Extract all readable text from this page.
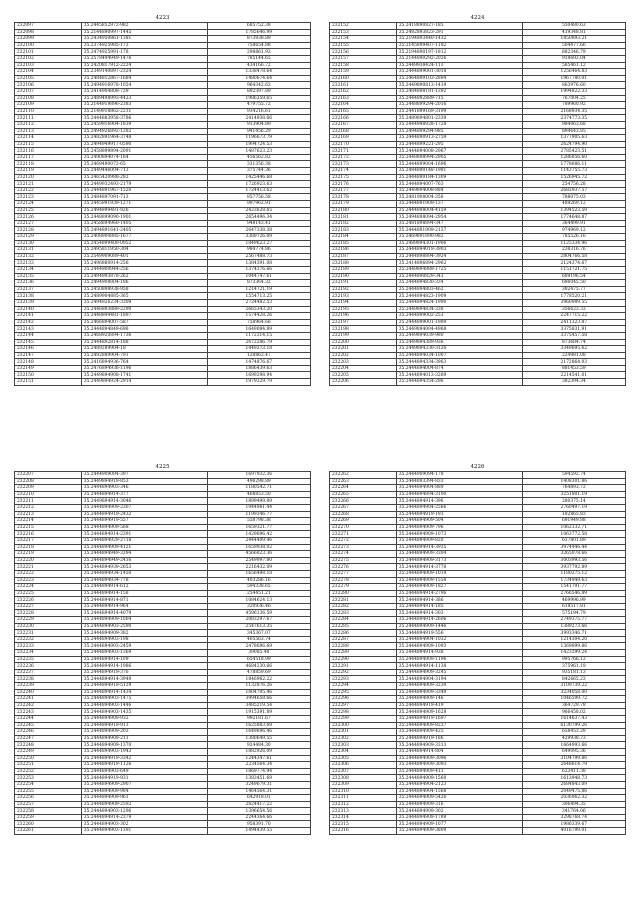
4223
232097	35.2445852972-982	685752.38
232098	35.2144890997-1445	1785646.99
232099	35.2434950861-1381	873938.89
232100	35.2374925985-173	758654.88
232101	35.2474925991-178	298861.93
232102	35.2578494949-1476	785144.65
232103	35.2420817912-2224	434166.72
232104	35.2349140897-2324	1338478.64
232105	35.2484812867-1684	1480674.64
232106	35.2494916978-1054	964342.63
232107	35.2414904808-729	892397.89
232108	35.2489498993-4423	1986359.65
232109	35.2144919896-2383	479755.72
232110	35.2149918862-2231	934216.61
232111	35.2444883958-3786	2414938.66
232112	35.2459916904-1839	913904.89
232113	35.2494926892-1282	941456.29
232114	35.2482891964-3748	1196673.79
232115	35.2494949917-0590	1994724.53
232116	35.2458899894-2091	1487623.23
232117	35.2490894074-164	456562.82
232118	35.2469490072-65	331356.38
232119	35.2449446004-713	375744.36
232120	35.2465420988-282	1425446.68
232121	35.2449932493-2179	1726923.63
232122	35.2444891967-1520	1724413.62
232123	35.2484897091-713	857756.58
232124	35.2445991939-1271	997962.91
232125	35.2494899481-926	2423628.65
232126	35.2448899090-1901	2654496.34
232127	35.2458894960-1405	948143.41
232128	35.2494891641-2405	2647338.38
232129	35.2408900885-1677	3389726.09
232130	35.2454899400-0952	1849623.27
232131	35.2495811950-304	984774.86
232132	35.2549909089-401	2567488.73
232133	35.2496880914-256	1384391.08
232134	35.2444900944-256	1374376.66
232135	35.2494993878-262	1044747.61
232136	35.2494908804-186	873364.32
232137	35.2450898938-958	1214721.19
232138	35.2489904885-365	1554713.25
232139	35.2494926234-3309	2724482.53
232140	35.2446893889-2290	2665343.20
232141	35.2448894481-1897	1574428.26
232142	35.2466894007-587	758964.66
232143	35.2444894849-698	1649084.89
232144	35.2468920894-1736	1172314.15
232145	35.2444892814-188	2672286.79
232146	35.2489289904-18	1449273.18
232147	35.2492889904-791	128863.47
232148	35.2416894936-764	1474876.67
232149	35.2476894938-1196	1886439.63
232150	35.2449894908-1741	1699298.94
232151	35.2449894924-2914	1979329.79
4224
232152	35.2418890827-185	550480.63
232153	35.2482893823-291	419348.81
232154	35.2194893440-1432	1850893.21
232155	35.2145899407-1182	504477.66
232156	35.2194890197-1812	882346.79
232157	35.2144890292-2026	918693.04
232158	35.2449938424-113	585461.12
232159	35.2444899001-3018	1256464.83
232160	35.2464899103-2894	1967780.01
232161	35.2449890813-1419	863976.60
232162	35.2484898191-1392	1994822.33
232163	35.2444892889-715	767004.25
232164	35.2448899294-2016	789960.92
232165	35.2441899169-3199	2168934.35
232166	35.2489894801-2339	2374773.35
232167	35.2444948928-1728	984063.68
232168	35.2494899294-985	894643.85
232169	35.2444890913-2759	1377905.63
232170	35.2444899221-295	2624794.90
232171	35.2444894008-2967	2785423.51
232172	35.2448898994-2905	1286856.60
232173	35.2444899004-1696	1778686.11
232174	35.2484890148-1981	1143755.73
232175	35.2444890184-1309	1526945.72
232176	35.2444894007-763	254756.28
232177	35.2449894008-884	2682937.57
232178	35.2481908004-356	788075.03
232179	35.2444891909-137	489269.12
232180	35.2444898004-4159	1394523.59
232181	35.2494898094-2954	1774648.87
232182	35.2481898894-347	364499.91
232183	35.2444891909-2137	974969.12
232184	35.2469891890-982	785526.16
232185	35.2489894301-1906	1125334.96
232186	35.2444894019-3903	238316.76
232187	35.2444898894-3924	2804766.58
232188	35.2414896894-2962	2124374.67
232189	35.2449894989-1725	1151721.75
232190	35.2444890829-343	689196.54
232191	35.2444894830-334	686045.50
232192	35.2444894803-462	382475.77
232193	35.2444894823-1909	1778520.21
232194	35.2444894824-1990	3960989.55
232195	35.2449894834-338	356623.33
232196	35.2444899002-253	2247715.22
232197	35.2444899001-1989	2411323.87
232198	35.2449894004-4968	3375831.91
232199	35.2449894039-980	3375457.58
232200	35.2449894389-936	873684.74
232201	35.2449894330-3126	3349695.62
232202	35.2444894034-1007	224981.08
232203	35.2444894334-3963	2172864.03
232204	35.2444894004-874	881453.59
232205	35.2444894013-3269	2214541.01
232206	35.2444894354-296	382394.34
4225
232207	35.2444909094-397	1697932.36
232208	35.2449894919-853	496298.89
232209	35.2444894903-346	1180542.71
232210	35.2444894914-377	468853.50
232211	35.2449894914-3046	1899499.89
232212	35.2444894909-2307	1944981.44
232213	35.2444894919-2432	1199346.77
232214	35.2444894919-557	558798.38
232215	35.2444894909-568	1659321.77
232216	35.2444894914-2391	1429696.42
232217	35.2444894929-2718	2444409.46
232218	35.2444894909-4121	1659938.02
232219	35.2444894949-3394	4566823.36
232220	35.2444894949-2416	2549997.80
232221	35.2444894939-2653	2216432.09
232222	35.2444894934-1450	1656498.18
232223	35.2444894934-778	403286.16
232224	35.2444894914-612	594338.65
232225	35.2444894914-158	254451.21
232226	35.2444894914-871	1084624.13
232227	35.2444894914-964	320936.46
232228	35.2444894914-4079	4596136.59
232229	35.2444894909-1004	2083297.67
232230	35.2444894903-2590	2547613.35
232231	35.2444894909-382	345367.07
232232	35.2444894903-198	405563.74
232233	35.2444894903-2459	2478696.69
232234	35.2444894903-1369	39085.48
232235	35.2444894914-109	654518.99
232236	35.2444894914-1986	4684230.66
232237	35.2444894919-376	478859.69
232238	35.2444894914-3949	1846962.22
232239	35.2444894919-5129	1132876.26
232240	35.2444894914-1434	1804795.46
232241	35.2444894903-1475	3994658.66
232242	35.2444894903-1446	3485219.54
232243	35.2444894903-1435	1915391.89
232244	35.2444894909-932	992181.67
232245	35.2444894919-913	1625883.69
232246	35.2444894909-203	1649696.46
232247	35.2444894909-211	1380649.55
232248	35.2444894909-1370	924484.30
232249	35.2444894903-1943	1882926.09
232250	35.2444894919-3342	1244347.61
232251	35.2444894919-1126	2234564.34
232252	35.2444894903-649	1869774.94
232253	35.2444894919-931	1383451.69
232254	35.2444894909-2907	3249679.31
232255	35.2444894909-984	1464564.31
232256	35.2444894909-961	642918.01
232257	35.2444894909-2592	2824417.22
232258	35.2444894903-1296	1396654.56
232259	35.2444894914-2379	2244364.66
232260	35.2444894903-302	958391.70
232261	35.2444894903-1391	1494439.55
4226
232262	35.2444909094-178	594592.74
232263	35.2444893394-833	1408301.86
232264	35.2444894904-889	764893.72
232265	35.2444894894-3100	3251801.19
232266	35.2444894914-396	280375.14
232267	35.2444894904-2566	2760497.19
232268	35.2444894919-193	182865.83
232269	35.2444894909-504	691949.88
232270	35.2444894909-796	1062132.71
232271	35.2444894909-1073	1063772.58
232272	35.2444894909-820	637801.89
232273	35.2444894914-3935	3974446.44
232274	35.2444894909-3304	3265078.66
232275	35.2444894909-3173	3003993.56
232276	35.2444894914-3778	3937792.89
232277	35.2444894909-1019	1180275.12
232278	35.2444894909-1558	1734949.63
232279	35.2444894909-1827	1541791.77
232280	35.2444894914-2796	2766546.89
232281	35.2444894914-386	469996.99
232282	35.2444894914-185	618517.81
232283	35.2444894914-303	575194.79
232284	35.2444894914-2606	2749375.77
232285	35.2444894909-1446	1389273.66
232286	35.2444894919-556	3993346.71
232287	35.2444894904-1032	1214304.20
232288	35.2444894909-1093	1369899.86
232289	35.2444894914-938	1423299.24
232290	35.2444894909-1196	995766.12
232291	35.2444894914-1138	375961.19
232292	35.2444894909-3245	935181.13
232293	35.2444894904-3194	842665.23
232294	35.2444894909-3230	3109739.22
232295	35.2444894909-3349	3234058.00
232296	35.2444894909-146	1046599.72
232297	35.2444894919-419	364729.78
232298	35.2444894909-1628	966458.02
232299	35.2444894919-1697	1614637.43
232300	35.2444894909-8237	6130799.26
232301	35.2444894909-425	658453.28
232302	35.2444894919-186	429938.73
232303	35.2444894909-3313	1664993.66
232304	35.2444894914-804	649095.36
232305	35.2444894909-3096	3104799.86
232306	35.2444894909-3093	2648614.79
232307	35.2444894909-413	623411.38
232308	35.2444894909-1560	1613948.73
232309	35.2444894904-2123	2684843.09
232310	35.2444894904-1568	2049475.86
232311	35.2444894909-5426	2036962.32
232312	35.2444894909-316	306494.35
232313	35.2444894909-302	341764.06
232314	35.2444894909-1789	3298768.74
232315	35.2444894909-1077	1986339.67
232316	35.2444894909-3809	4016799.01
